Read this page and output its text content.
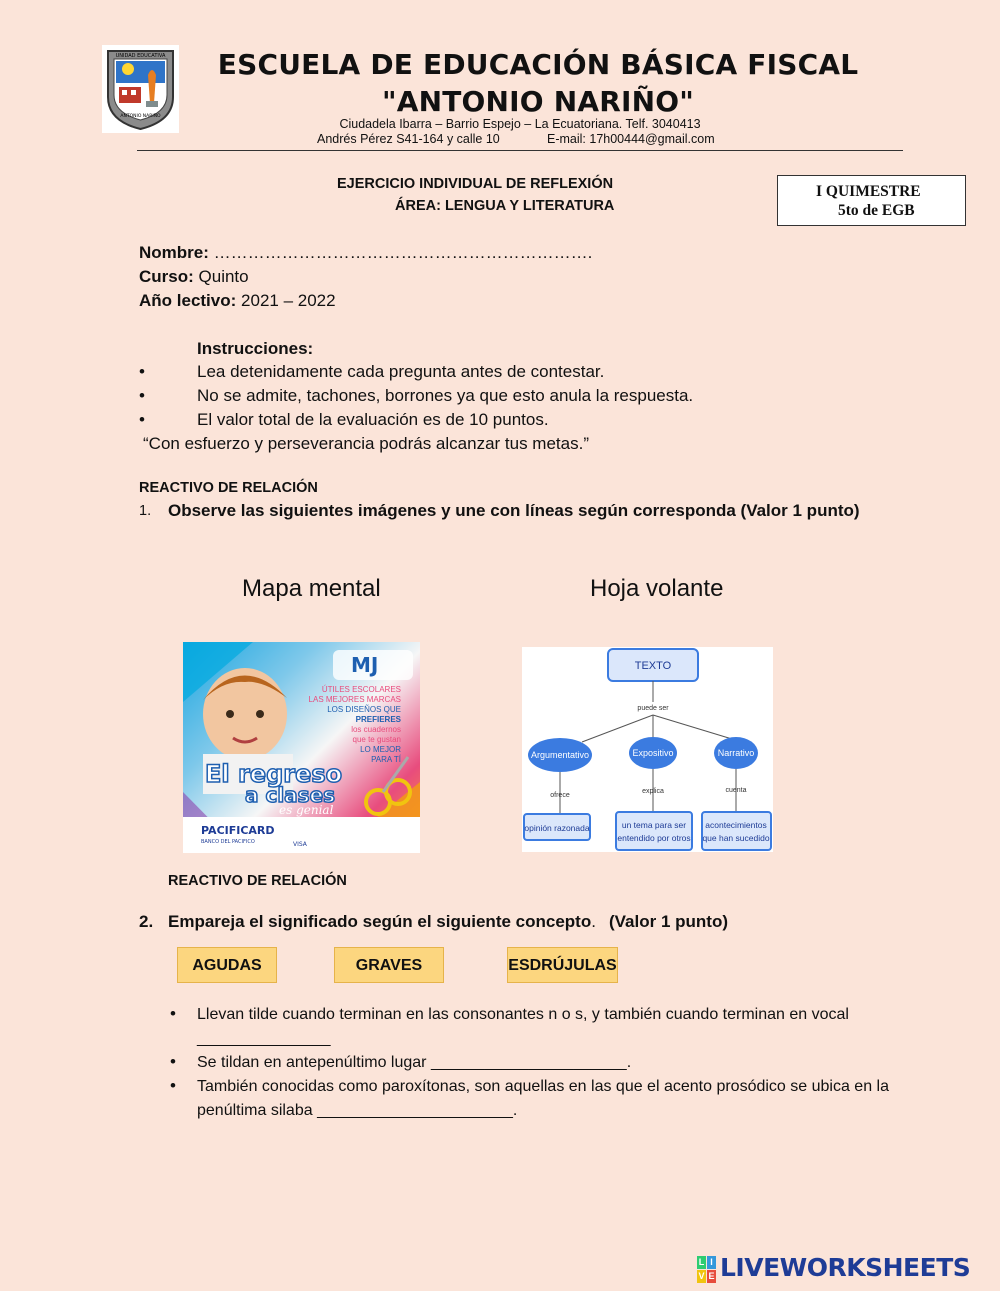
UNIDAD EDUCATIVA
ANTONIO NARIÑO
ESCUELA DE EDUCACIÓN BÁSICA FISCAL
"ANTONIO NARIÑO"
Ciudadela Ibarra – Barrio Espejo – La Ecuatoriana. Telf. 3040413
Andrés Pérez S41-164 y calle 10	E-mail: 17h00444@gmail.com
EJERCICIO INDIVIDUAL DE REFLEXIÓN
ÁREA: LENGUA Y LITERATURA
I QUIMESTRE
5to de EGB
Nombre: ………………………………………………………….
Curso: Quinto
Año lectivo: 2021 – 2022
Instrucciones:
•	Lea detenidamente cada pregunta antes de contestar.
•	No se admite, tachones, borrones ya que esto anula la respuesta.
•	El valor total de la evaluación es de 10 puntos.
“Con esfuerzo y perseverancia podrás alcanzar tus metas.”
REACTIVO DE RELACIÓN
1. Observe las siguientes imágenes y une con líneas según corresponda (Valor 1 punto)
Mapa mental	Hoja volante
MJ
ÚTILES ESCOLARES
LAS MEJORES MARCAS
LOS DISEÑOS QUE
PREFIERES
los cuadernos
que te gustan
LO MEJOR
PARA TÍ
El regreso
a clases
es genial
PACIFICARD
BANCO DEL PACIFICO	VISA
TEXTO
puede ser
Argumentativo	Expositivo	Narrativo
ofrece
explica	cuenta
opinión razonada	un tema para ser
entendido por otros
acontecimientos
que han sucedido
REACTIVO DE RELACIÓN
2. Empareja el significado según el siguiente concepto. (Valor 1 punto)
AGUDAS	GRAVES	ESDRÚJULAS
• Llevan tilde cuando terminan en las consonantes n o s, y también cuando terminan en vocal
_______________
• Se tildan en antepenúltimo lugar ______________________.
• También conocidas como paroxítonas, son aquellas en las que el acento prosódico se ubica en la
penúltima silaba ______________________.
L I
V E LIVEWORKSHEETS
